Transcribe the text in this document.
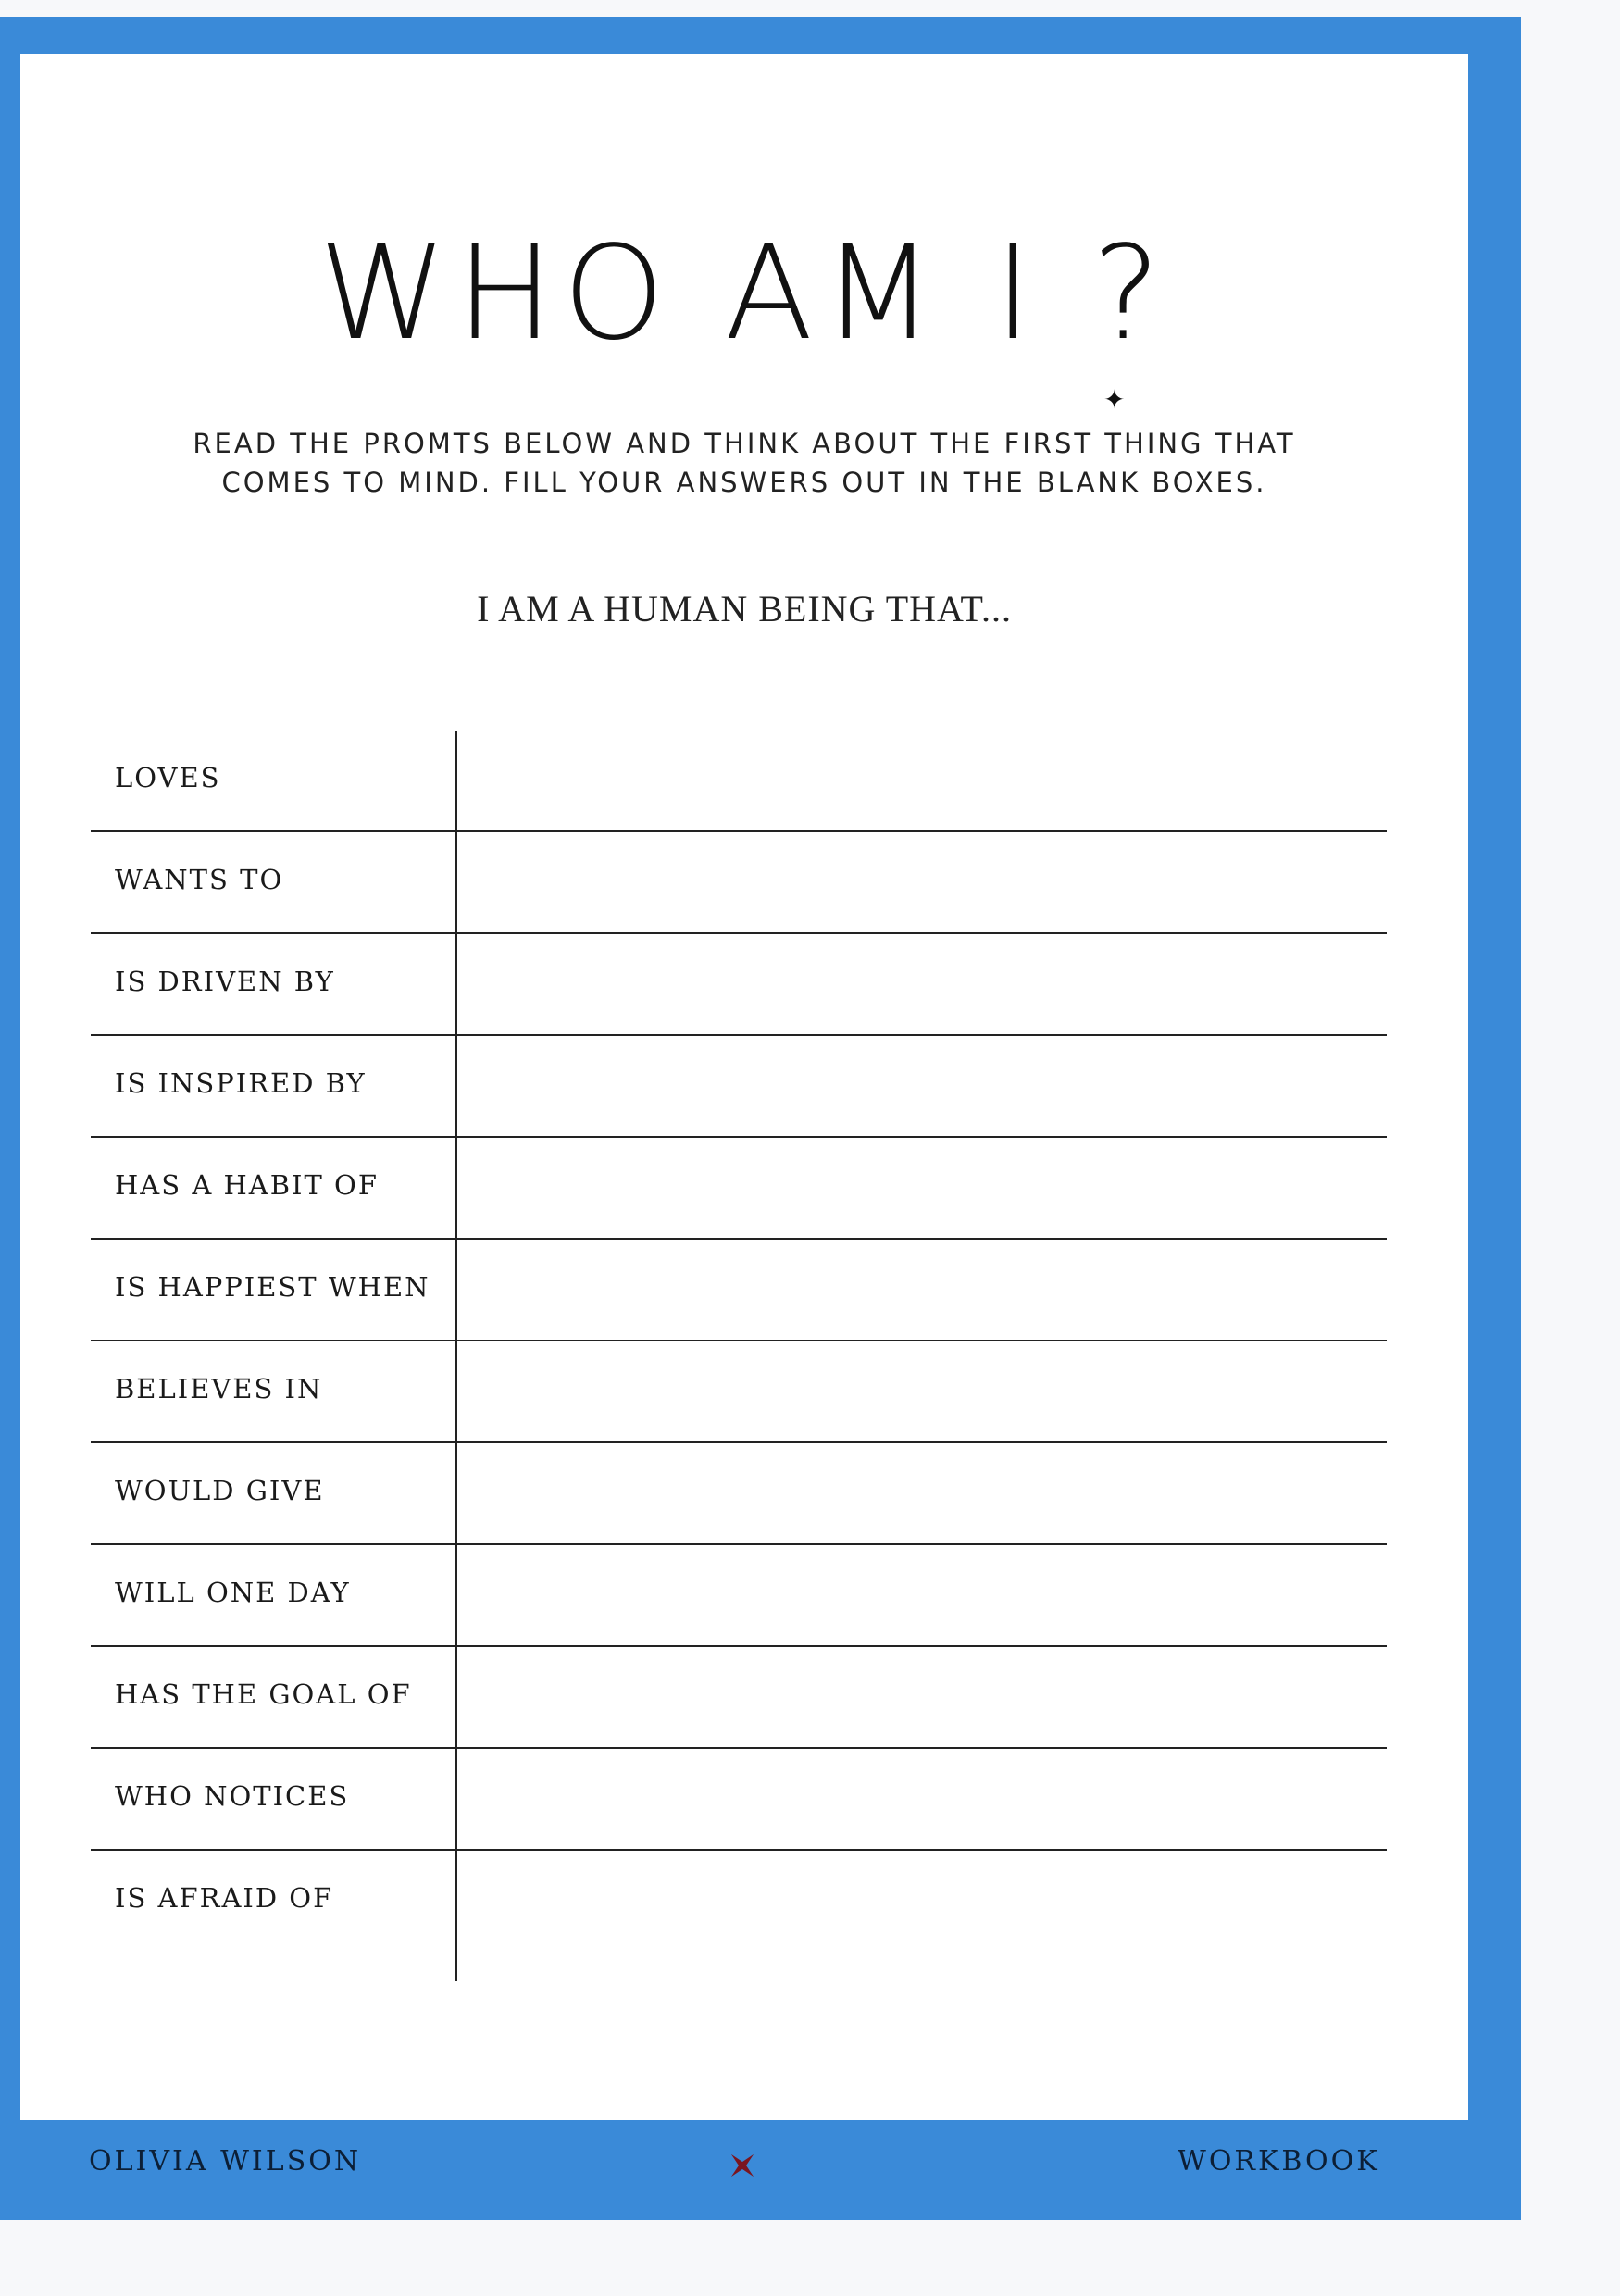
WHO AM I ?
✦
READ THE PROMTS BELOW AND THINK ABOUT THE FIRST THING THAT
COMES TO MIND. FILL YOUR ANSWERS OUT IN THE BLANK BOXES.
I AM A HUMAN BEING THAT...
LOVES
WANTS TO
IS DRIVEN BY
IS INSPIRED BY
HAS A HABIT OF
IS HAPPIEST WHEN
BELIEVES IN
WOULD GIVE
WILL ONE DAY
HAS THE GOAL OF
WHO NOTICES
IS AFRAID OF
OLIVIA WILSON	WORKBOOK
